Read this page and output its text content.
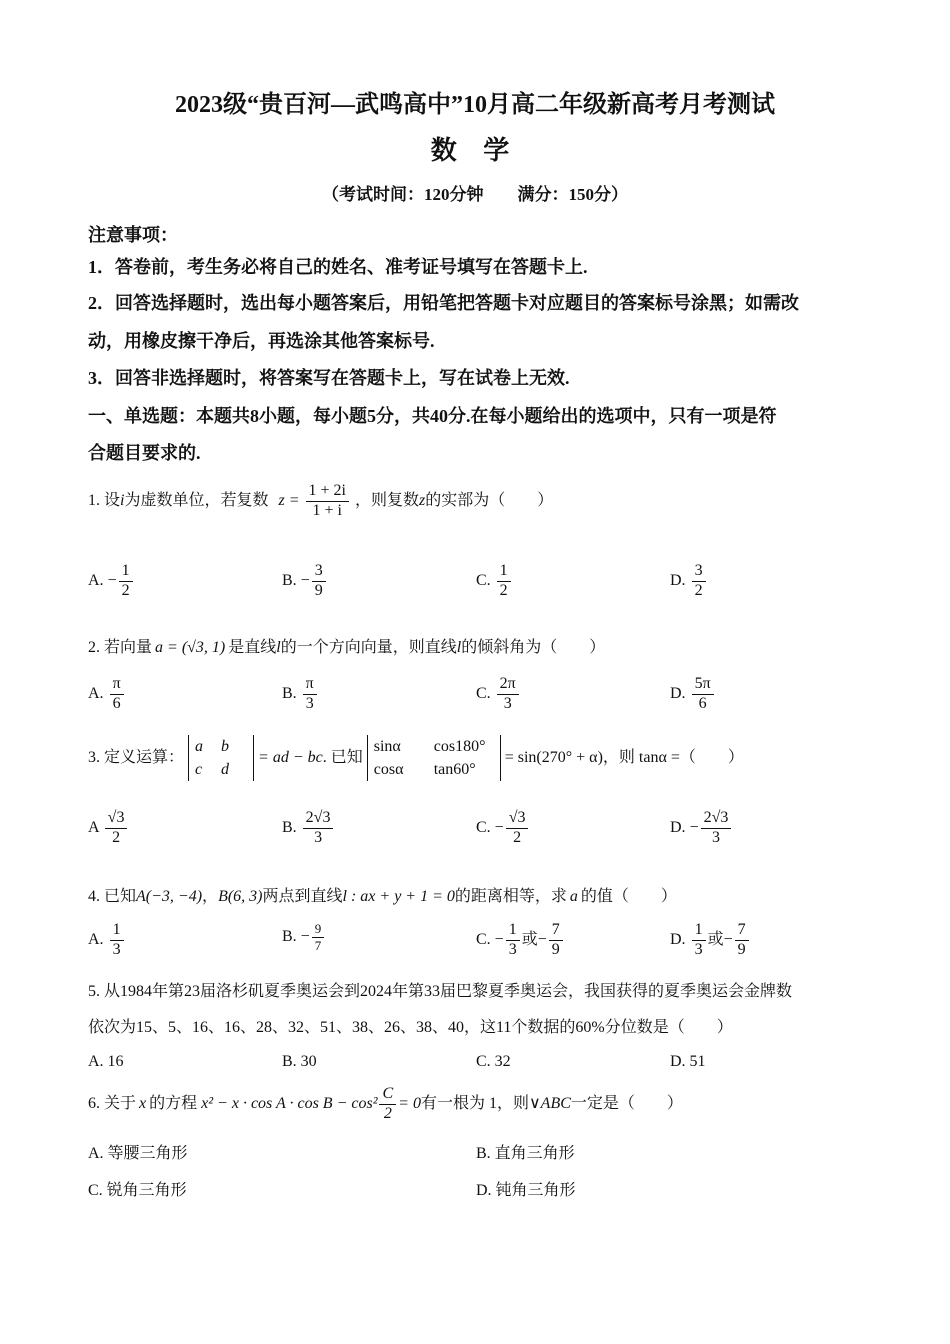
2023级“贵百河—武鸣高中”10月高二年级新高考月考测试
数 学
（考试时间：120分钟　　满分：150分）
注意事项：
1．答卷前，考生务必将自己的姓名、准考证号填写在答题卡上.
2．回答选择题时，选出每小题答案后，用铅笔把答题卡对应题目的答案标号涂黑；如需改
动，用橡皮擦干净后，再选涂其他答案标号.
3．回答非选择题时，将答案写在答题卡上，写在试卷上无效.
一、单选题：本题共8小题，每小题5分，共40分.在每小题给出的选项中，只有一项是符
合题目要求的.
1. 设i为虚数单位，若复数 $z = \frac{1 + 2i}{1 + i}$ ，则复数z的实部为（　　）
A. − $\frac{1}{2}$	B. − $\frac{3}{9}$	C. $\frac{1}{2}$	D. $\frac{3}{2}$
2. 若向量 a = (√3, 1) 是直线l的一个方向向量，则直线l的倾斜角为（　　）
A. $\frac{\pi}{6}$	B. $\frac{\pi}{3}$	C. $\frac{2\pi}{3}$	D. $\frac{5\pi}{6}$
3. 定义运算： a b
c d = ad − bc. 已知 sinα cos180°
cosα tan60° = sin(270° + α)，则 tanα =（　　）
A $\frac{√3}{2}$	B. $\frac{2√3}{3}$	C. − $\frac{√3}{2}$	D. − $\frac{2√3}{3}$
4. 已知A(−3, −4)，B(6, 3)两点到直线l : ax + y + 1 = 0的距离相等，求 a 的值（　　）
A. $\frac{1}{3}$	B. − $\frac{9}{7}$	C. − $\frac{1}{3}$ 或− $\frac{7}{9}$	D. $\frac{1}{3}$ 或− $\frac{7}{9}$
5. 从1984年第23届洛杉矶夏季奥运会到2024年第33届巴黎夏季奥运会，我国获得的夏季奥运会金牌数
依次为15、5、16、16、28、32、51、38、26、38、40，这11个数据的60%分位数是（　　）
A. 16	B. 30	C. 32	D. 51
6. 关于 x 的方程 $x^2 - x \cdot \cos A \cdot \cos B - \cos^2 \frac{C}{2} = 0$有一根为 1，则∨ABC一定是（　　）
A. 等腰三角形	B. 直角三角形
C. 锐角三角形	D. 钝角三角形
